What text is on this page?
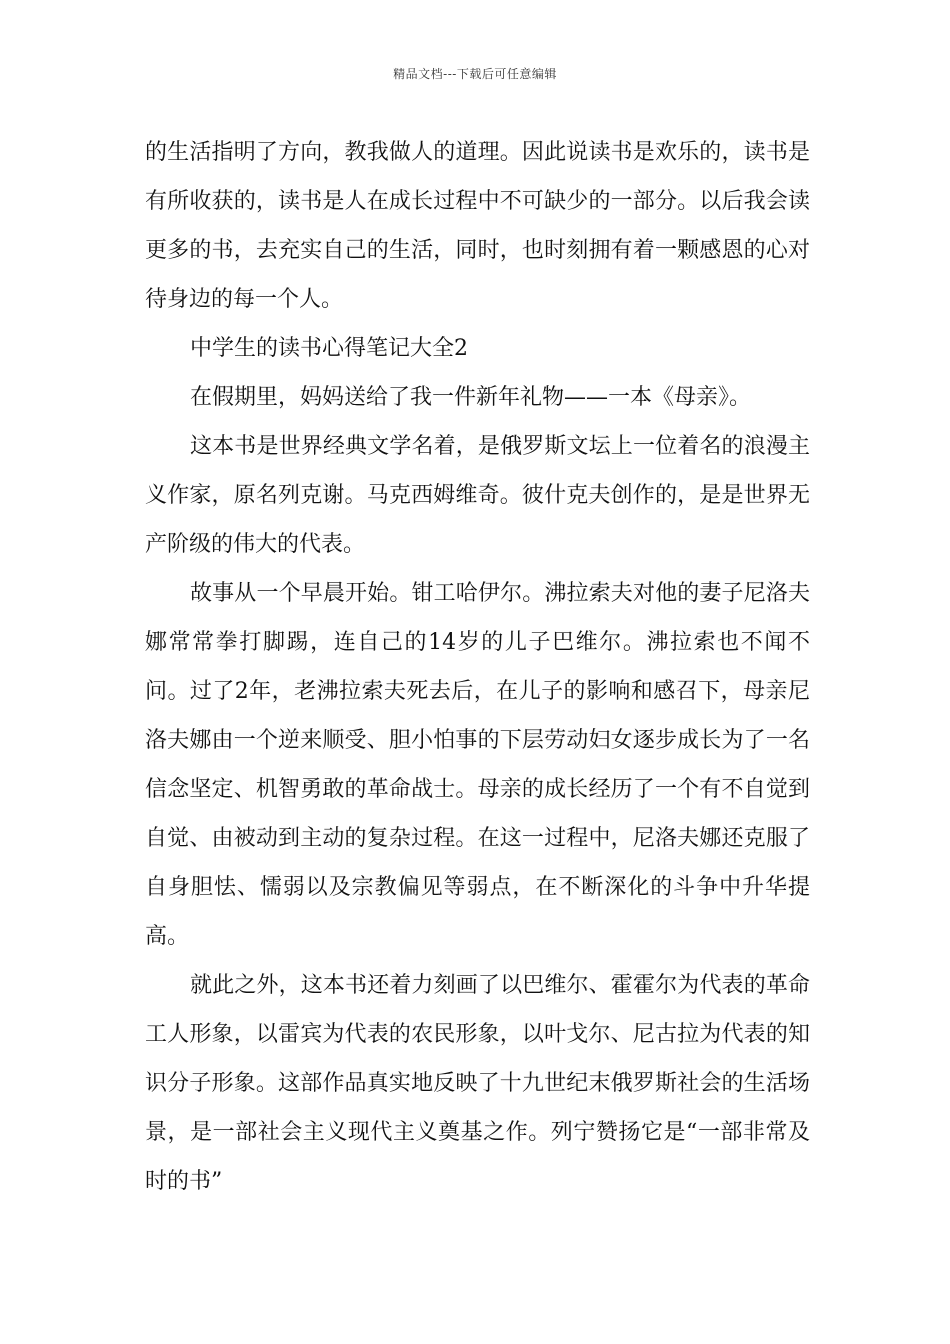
精品文档---下载后可任意编辑

的生活指明了方向，教我做人的道理。因此说读书是欢乐的，读书是有所收获的，读书是人在成长过程中不可缺少的一部分。以后我会读更多的书，去充实自己的生活，同时，也时刻拥有着一颗感恩的心对待身边的每一个人。

中学生的读书心得笔记大全2

在假期里，妈妈送给了我一件新年礼物——一本《母亲》。

这本书是世界经典文学名着，是俄罗斯文坛上一位着名的浪漫主义作家，原名列克谢。马克西姆维奇。彼什克夫创作的，是是世界无产阶级的伟大的代表。

故事从一个早晨开始。钳工哈伊尔。沸拉索夫对他的妻子尼洛夫娜常常拳打脚踢，连自己的14岁的儿子巴维尔。沸拉索也不闻不问。过了2年，老沸拉索夫死去后，在儿子的影响和感召下，母亲尼洛夫娜由一个逆来顺受、胆小怕事的下层劳动妇女逐步成长为了一名信念坚定、机智勇敢的革命战士。母亲的成长经历了一个有不自觉到自觉、由被动到主动的复杂过程。在这一过程中，尼洛夫娜还克服了自身胆怯、懦弱以及宗教偏见等弱点，在不断深化的斗争中升华提高。

就此之外，这本书还着力刻画了以巴维尔、霍霍尔为代表的革命工人形象，以雷宾为代表的农民形象，以叶戈尔、尼古拉为代表的知识分子形象。这部作品真实地反映了十九世纪末俄罗斯社会的生活场景，是一部社会主义现代主义奠基之作。列宁赞扬它是“一部非常及时的书”
